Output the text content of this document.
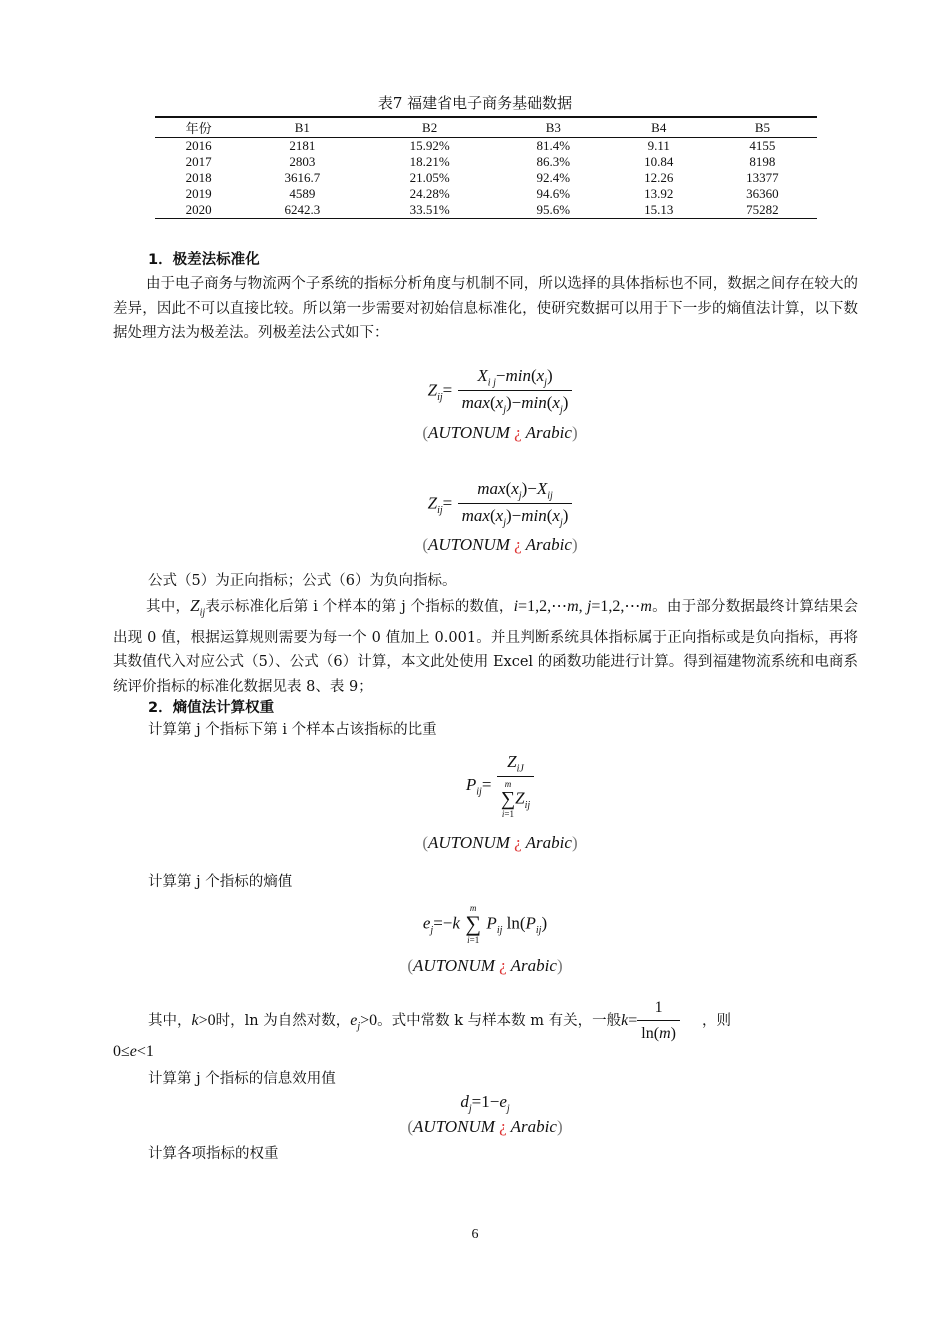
表7 福建省电子商务基础数据
年份	B1	B2	B3	B4	B5
2016	2181	15.92%	81.4%	9.11	4155
2017	2803	18.21%	86.3%	10.84	8198
2018	3616.7	21.05%	92.4%	12.26	13377
2019	4589	24.28%	94.6%	13.92	36360
2020	6242.3	33.51%	95.6%	15.13	75282
1．极差法标准化
由于电子商务与物流两个子系统的指标分析角度与机制不同，所以选择的具体指标也不同，数据之间存在较大的差异，因此不可以直接比较。所以第一步需要对初始信息标准化，使研究数据可以用于下一步的熵值法计算，以下数据处理方法为极差法。列极差法公式如下：
$Z_{ij}= \frac{X_{i j}-\min(x_j)}{\max(x_j)-\min(x_j)}$
(AUTONUM ¿ Arabic)
$Z_{ij}= \frac{\max(x_j)-X_{ij}}{\max(x_j)-\min(x_j)}$
(AUTONUM ¿ Arabic)
公式（5）为正向指标；公式（6）为负向指标。
其中，$Z_{ij}$表示标准化后第 i 个样本的第 j 个指标的数值，i=1,2,⋯m, j=1,2,⋯m。由于部分数据最终计算结果会出现 0 值，根据运算规则需要为每一个 0 值加上 0.001。并且判断系统具体指标属于正向指标或是负向指标，再将其数值代入对应公式（5）、公式（6）计算，本文此处使用 Excel 的函数功能进行计算。得到福建物流系统和电商系统评价指标的标准化数据见表 8、表 9；
2．熵值法计算权重
计算第 j 个指标下第 i 个样本占该指标的比重
$P_{ij}= Z_{iJ}$
m
∑
i=1
$Z_{ij}$
(AUTONUM ¿ Arabic)
计算第 j 个指标的熵值
$e_j=-k$
m
∑
i=1
$P_{ij}$ $\ln(P_{ij})$
(AUTONUM ¿ Arabic)
其中，k>0时，ln 为自然对数，$e_j>0$。式中常数 k 与样本数 m 有关，一般$k= \frac{1}{\ln(m)}$ ，则
0≤e<1
计算第 j 个指标的信息效用值
$d_j=1-e_j$
(AUTONUM ¿ Arabic)
计算各项指标的权重
6
